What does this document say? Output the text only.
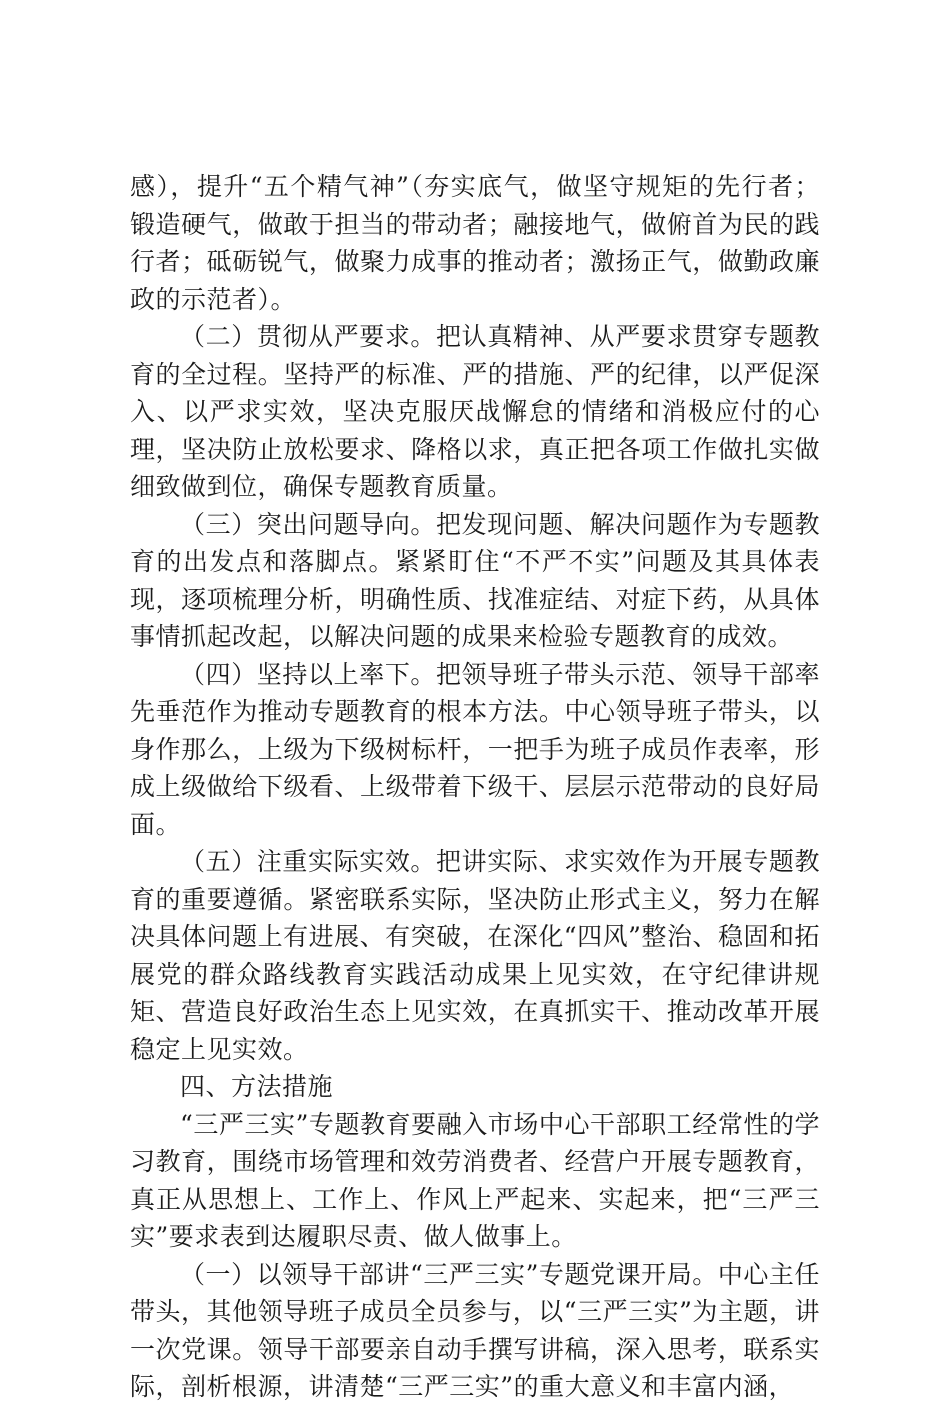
感），提升“五个精气神”（夯实底气，做坚守规矩的先行者；锻造硬气，做敢于担当的带动者；融接地气，做俯首为民的践行者；砥砺锐气，做聚力成事的推动者；激扬正气，做勤政廉政的示范者）。

（二）贯彻从严要求。把认真精神、从严要求贯穿专题教育的全过程。坚持严的标准、严的措施、严的纪律，以严促深入、以严求实效，坚决克服厌战懈怠的情绪和消极应付的心理，坚决防止放松要求、降格以求，真正把各项工作做扎实做细致做到位，确保专题教育质量。

（三）突出问题导向。把发现问题、解决问题作为专题教育的出发点和落脚点。紧紧盯住“不严不实”问题及其具体表现，逐项梳理分析，明确性质、找准症结、对症下药，从具体事情抓起改起，以解决问题的成果来检验专题教育的成效。

（四）坚持以上率下。把领导班子带头示范、领导干部率先垂范作为推动专题教育的根本方法。中心领导班子带头，以身作那么，上级为下级树标杆，一把手为班子成员作表率，形成上级做给下级看、上级带着下级干、层层示范带动的良好局面。

（五）注重实际实效。把讲实际、求实效作为开展专题教育的重要遵循。紧密联系实际，坚决防止形式主义，努力在解决具体问题上有进展、有突破，在深化“四风”整治、稳固和拓展党的群众路线教育实践活动成果上见实效，在守纪律讲规矩、营造良好政治生态上见实效，在真抓实干、推动改革开展稳定上见实效。

四、方法措施

“三严三实”专题教育要融入市场中心干部职工经常性的学习教育，围绕市场管理和效劳消费者、经营户开展专题教育，真正从思想上、工作上、作风上严起来、实起来，把“三严三实”要求表到达履职尽责、做人做事上。

（一）以领导干部讲“三严三实”专题党课开局。中心主任带头，其他领导班子成员全员参与，以“三严三实”为主题，讲一次党课。领导干部要亲自动手撰写讲稿，深入思考，联系实际，剖析根源，讲清楚“三严三实”的重大意义和丰富内涵，
